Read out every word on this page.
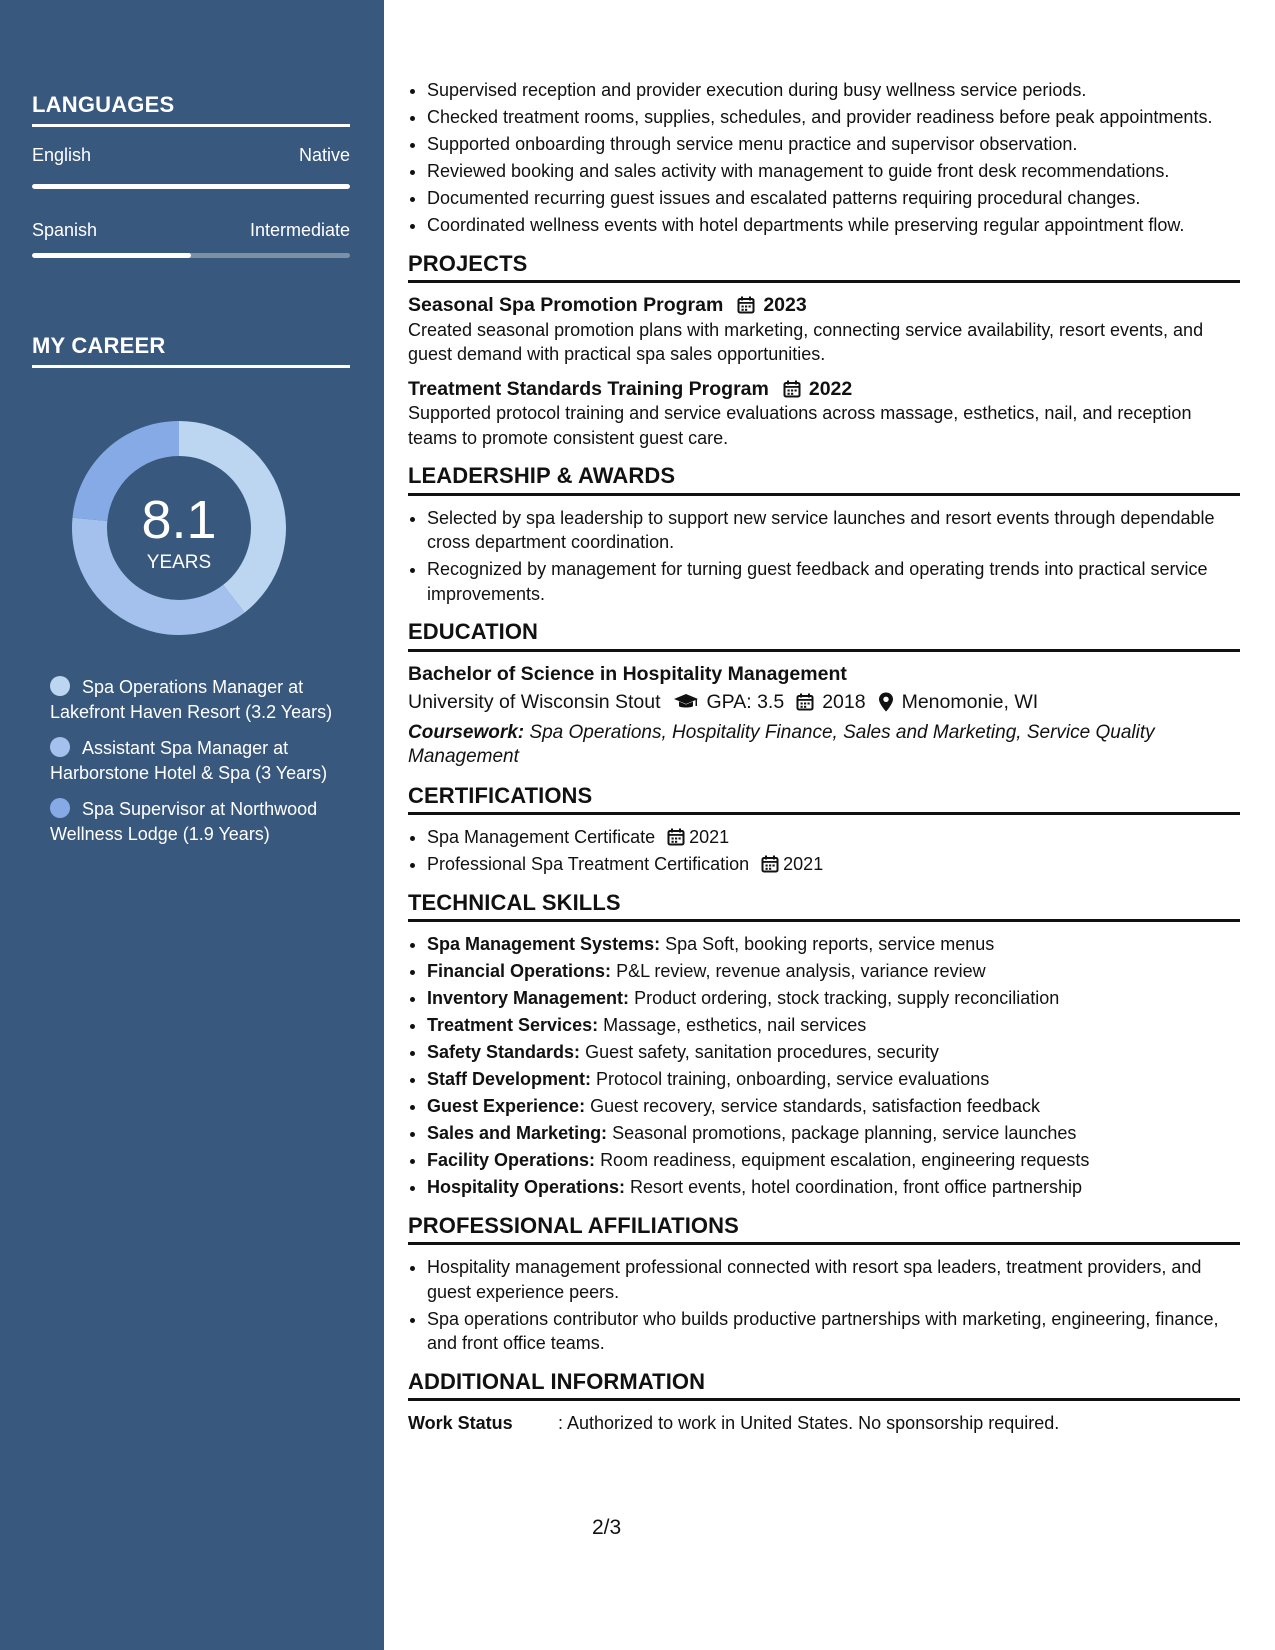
LANGUAGES
English	Native
Spanish	Intermediate
MY CAREER
8.1
YEARS
Spa Operations Manager at Lakefront Haven Resort (3.2 Years)
Assistant Spa Manager at Harborstone Hotel & Spa (3 Years)
Spa Supervisor at Northwood Wellness Lodge (1.9 Years)
• Supervised reception and provider execution during busy wellness service periods.
• Checked treatment rooms, supplies, schedules, and provider readiness before peak appointments.
• Supported onboarding through service menu practice and supervisor observation.
• Reviewed booking and sales activity with management to guide front desk recommendations.
• Documented recurring guest issues and escalated patterns requiring procedural changes.
• Coordinated wellness events with hotel departments while preserving regular appointment flow.
PROJECTS
Seasonal Spa Promotion Program 2023
Created seasonal promotion plans with marketing, connecting service availability, resort events, and guest demand with practical spa sales opportunities.
Treatment Standards Training Program 2022
Supported protocol training and service evaluations across massage, esthetics, nail, and reception teams to promote consistent guest care.
LEADERSHIP & AWARDS
• Selected by spa leadership to support new service launches and resort events through dependable cross department coordination.
• Recognized by management for turning guest feedback and operating trends into practical service improvements.
EDUCATION
Bachelor of Science in Hospitality Management
University of Wisconsin Stout GPA: 3.5 2018 Menomonie, WI
Coursework: Spa Operations, Hospitality Finance, Sales and Marketing, Service Quality Management
CERTIFICATIONS
• Spa Management Certificate 2021
• Professional Spa Treatment Certification 2021
TECHNICAL SKILLS
• Spa Management Systems: Spa Soft, booking reports, service menus
• Financial Operations: P&L review, revenue analysis, variance review
• Inventory Management: Product ordering, stock tracking, supply reconciliation
• Treatment Services: Massage, esthetics, nail services
• Safety Standards: Guest safety, sanitation procedures, security
• Staff Development: Protocol training, onboarding, service evaluations
• Guest Experience: Guest recovery, service standards, satisfaction feedback
• Sales and Marketing: Seasonal promotions, package planning, service launches
• Facility Operations: Room readiness, equipment escalation, engineering requests
• Hospitality Operations: Resort events, hotel coordination, front office partnership
PROFESSIONAL AFFILIATIONS
• Hospitality management professional connected with resort spa leaders, treatment providers, and guest experience peers.
• Spa operations contributor who builds productive partnerships with marketing, engineering, finance, and front office teams.
ADDITIONAL INFORMATION
Work Status	: Authorized to work in United States. No sponsorship required.
2/3
